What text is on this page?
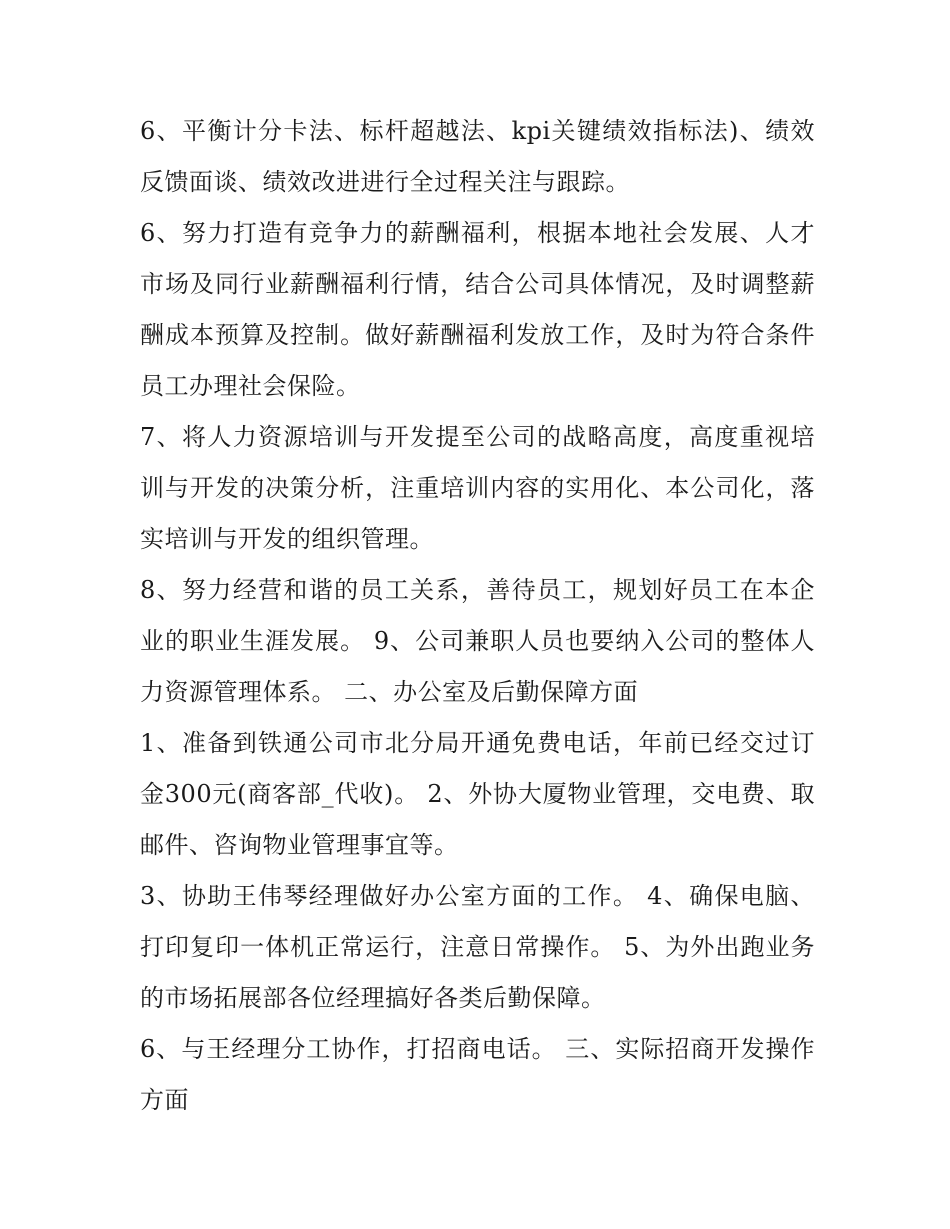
6、平衡计分卡法、标杆超越法、kpi关键绩效指标法)、绩效反馈面谈、绩效改进进行全过程关注与跟踪。

6、努力打造有竞争力的薪酬福利，根据本地社会发展、人才市场及同行业薪酬福利行情，结合公司具体情况，及时调整薪酬成本预算及控制。做好薪酬福利发放工作，及时为符合条件员工办理社会保险。

7、将人力资源培训与开发提至公司的战略高度，高度重视培训与开发的决策分析，注重培训内容的实用化、本公司化，落实培训与开发的组织管理。

8、努力经营和谐的员工关系，善待员工，规划好员工在本企业的职业生涯发展。 9、公司兼职人员也要纳入公司的整体人力资源管理体系。 二、办公室及后勤保障方面

1、准备到铁通公司市北分局开通免费电话，年前已经交过订金300元(商客部_代收)。 2、外协大厦物业管理，交电费、取邮件、咨询物业管理事宜等。

3、协助王伟琴经理做好办公室方面的工作。 4、确保电脑、打印复印一体机正常运行，注意日常操作。 5、为外出跑业务的市场拓展部各位经理搞好各类后勤保障。

6、与王经理分工协作，打招商电话。 三、实际招商开发操作方面
